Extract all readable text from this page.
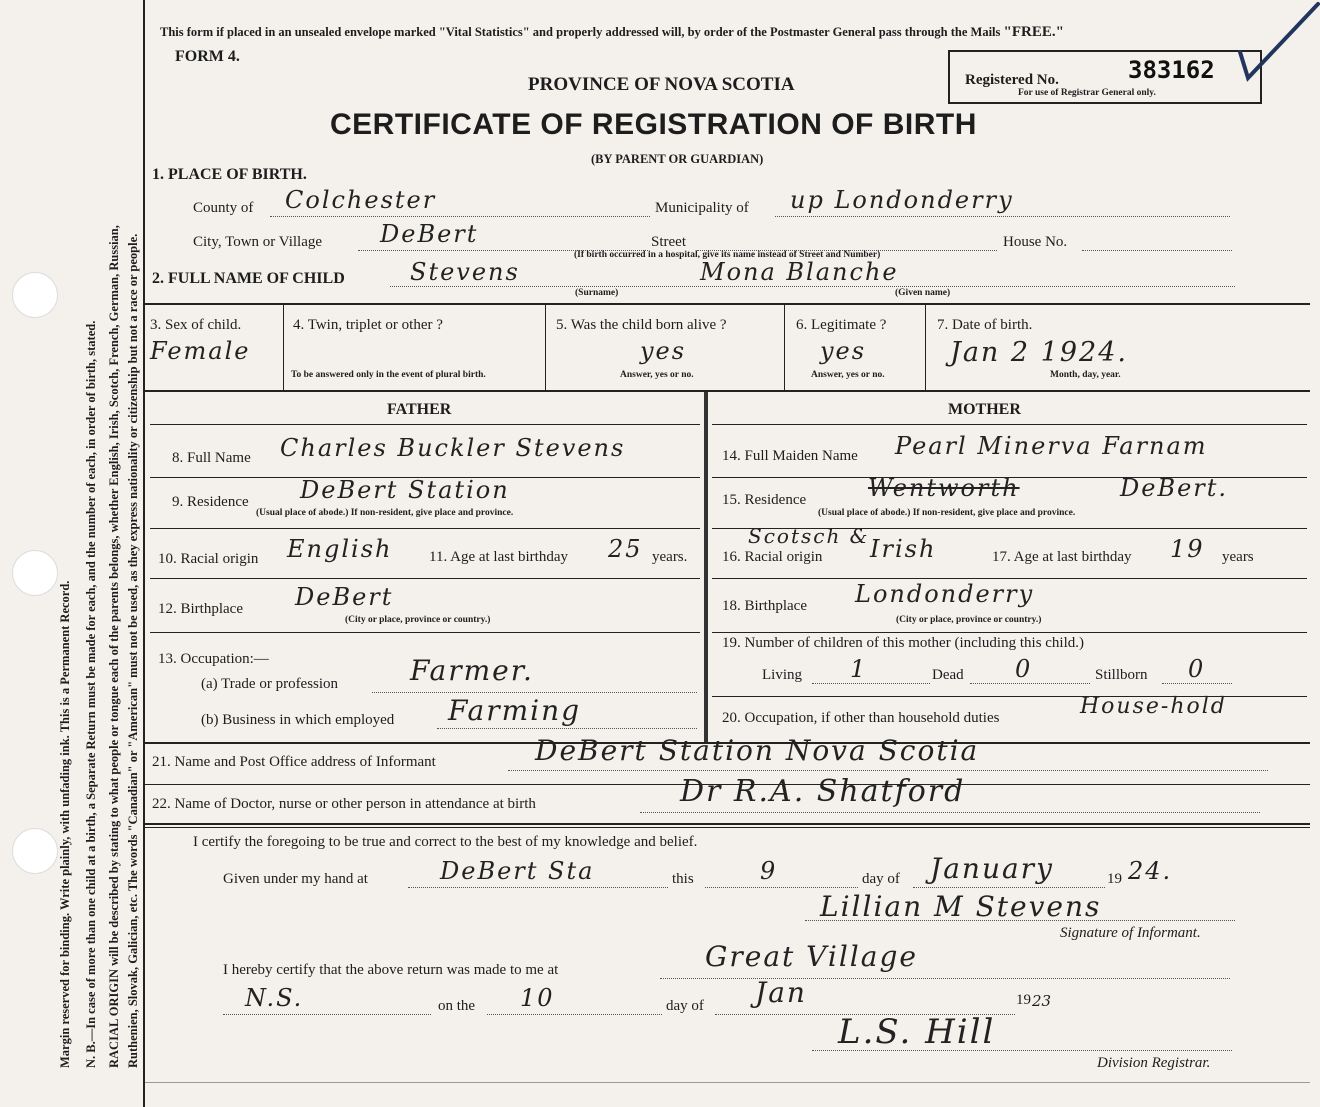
Margin reserved for binding. Write plainly, with unfading ink. This is a Permanent Record. N. B.—In case of more than one child at a birth, a Separate Return must be made for each, and the number of each, in order of birth, stated. RACIAL ORIGIN will be described by stating to what people or tongue each of the parents belongs, whether English, Irish, Scotch, French, German, Russian, Ruthenien, Slovak, Galician, etc. The words "Canadian" or "American" must not be used, as they express nationality or citizenship but not a race or people.
This form if placed in an unsealed envelope marked "Vital Statistics" and properly addressed will, by order of the Postmaster General pass through the Mails "FREE."
FORM 4.
Registered No.	383162
For use of Registrar General only.
PROVINCE OF NOVA SCOTIA
CERTIFICATE OF REGISTRATION OF BIRTH
(BY PARENT OR GUARDIAN)
1. PLACE OF BIRTH.
County of Colchester	Municipality of up Londonderry
City, Town or Village DeBert	Street	House No.
(If birth occurred in a hospital, give its name instead of Street and Number)
2. FULL NAME OF CHILD	Stevens	Mona Blanche
(Surname)	(Given name)
3. Sex of child.
Female
4. Twin, triplet or other ?
To be answered only in the event of plural birth.
5. Was the child born alive ?
yes
Answer, yes or no.
6. Legitimate ?
yes
Answer, yes or no.
7. Date of birth.
Jan 2 1924.
Month, day, year.
FATHER	MOTHER
8. Full Name Charles Buckler Stevens
9. Residence DeBert Station
(Usual place of abode.) If non-resident, give place and province.
10. Racial origin English 11. Age at last birthday 25 years.
12. Birthplace DeBert
(City or place, province or country.)
13. Occupation:—
(a) Trade or profession	Farmer.
(b) Business in which employed Farming
14. Full Maiden Name Pearl Minerva Farnam
15. Residence	Wentworth	DeBert.
(Usual place of abode.) If non-resident, give place and province.
Scotsch &
16. Racial origin Irish	17. Age at last birthday 19 years
18. Birthplace Londonderry
(City or place, province or country.)
19. Number of children of this mother (including this child.)
Living 1	Dead 0	Stillborn 0
20. Occupation, if other than household duties	House-hold
21. Name and Post Office address of Informant	DeBert Station Nova Scotia
22. Name of Doctor, nurse or other person in attendance at birth	Dr R.A. Shatford
I certify the foregoing to be true and correct to the best of my knowledge and belief.
Given under my hand at	DeBert Sta	this	9	day of January	19 24.
Lillian M Stevens
Signature of Informant.
I hereby certify that the above return was made to me at	Great Village
N.S.	on the 10	day of Jan	19 23
L.S. Hill
Division Registrar.
